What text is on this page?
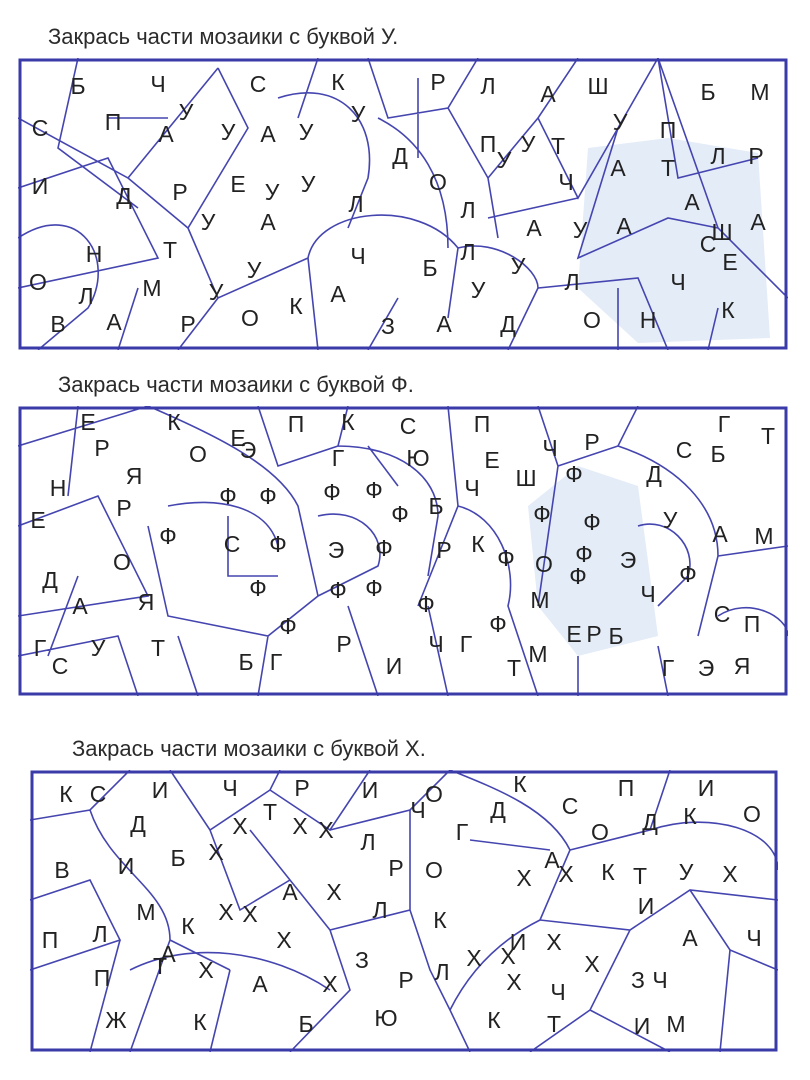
Закрась части мозаики с буквой У.
Б	Ч	С	К	Р Л А Ш	Б М
С П У
А У А У
У
Д	П У Т
У П
Л Р
И	Д Р Е У У
Л
О
У
Ч
А Т
А
У А	Л
А У А	Ш
С
А
Н	Т	Е
У
Ч Б
Л
У
Л	Ч
О
Л М У
К А	У
К
В А	Р О	З А Д	О Н
Закрась части мозаики с буквой Ф.
Е	К	П К С П	Г
Э
Р
Я
О
Е
Г	Ю Е Ч Р	С Б
Т
Н	Ш Ф	Д
Е
Ф Ф Ф Ф
Ф Б
Ч
Р	Ф Ф	У
Ф С Ф Э Ф Р К
Ф О Ф Э
А М
О
Д
Я
Ф	Ф Ф
Ф	М
Ф
Ч
Ф
А	С
Ф	Е
Ф	Р Б	П
Г У Т
Б Г
Р
И
Ч Г М
С	Т	Г Э Я
Закрась части мозаики с буквой Х.
К С И Ч Р И О	К
С
П	И
Д	Х
Т
Х
Ч	Д
О Д К О
Х Л	Г
В И Б Х
Р О	А
Х Х К Т У Х
А Х
Х	И
М
К
Х	Л К
А
Л
А
Х	И Х
П	Ч
Т Х	З	Л
Х Х
П
Х
А Х	Р	Х Ч	З Ч
Ж	К	Б	Ю	К Т	И М
